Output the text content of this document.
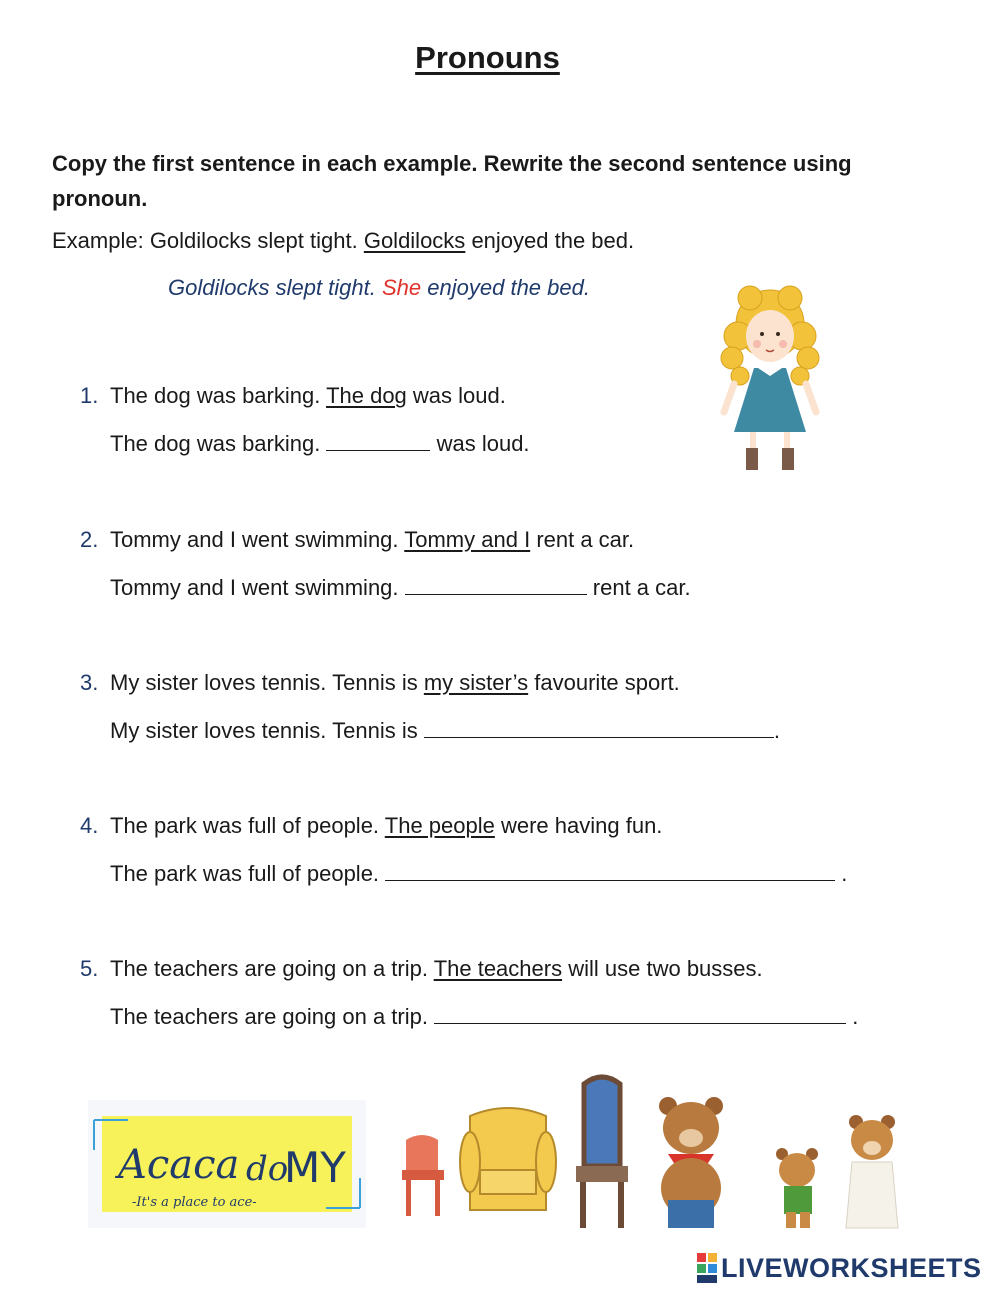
Pronouns
Copy the first sentence in each example. Rewrite the second sentence using pronoun.
Example: Goldilocks slept tight. Goldilocks enjoyed the bed.
Goldilocks slept tight. She enjoyed the bed.
1. The dog was barking. The dog was loud.
The dog was barking.	was loud.
2. Tommy and I went swimming. Tommy and I rent a car.
Tommy and I went swimming.	rent a car.
3. My sister loves tennis. Tennis is my sister’s favourite sport.
My sister loves tennis. Tennis is	.
4. The park was full of people. The people were having fun.
The park was full of people.	.
5. The teachers are going on a trip. The teachers will use two busses.
The teachers are going on a trip.	.
Acaca do
MY
-It's a place to ace-
LIVEWORKSHEETS
